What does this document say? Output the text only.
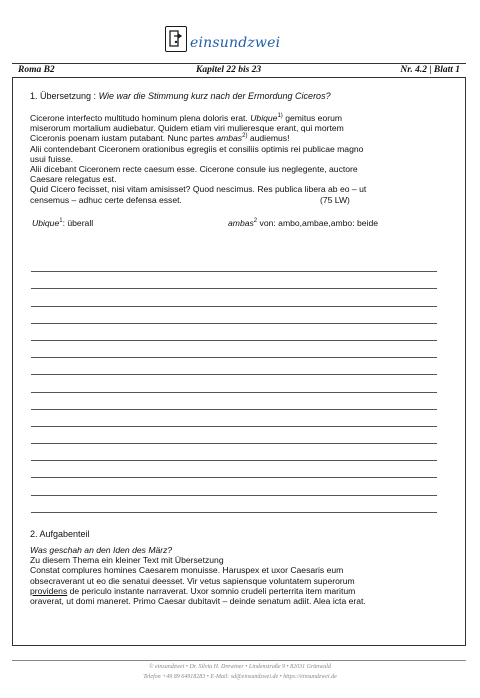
einsundzwei
Roma B2	Kapitel 22 bis 23	Nr. 4.2 | Blatt 1
1. Übersetzung : Wie war die Stimmung kurz nach der Ermordung Ciceros?

Cicerone interfecto multitudo hominum plena doloris erat. Ubique$^{1)}$ gemitus eorum

miserorum mortalium audiebatur. Quidem etiam viri mulieresque erant, qui mortem

Ciceronis poenam iustam putabant. Nunc partes ambas$^{2)}$ audiemus!

Alii contendebant Ciceronem orationibus egregiis et consiliis optimis rei publicae magno

usui fuisse.

Alii dicebant Ciceronem recte caesum esse. Cicerone consule ius neglegente, auctore

Caesare relegatus est.

Quid Cicero fecisset, nisi vitam amisisset? Quod nescimus. Res publica libera ab eo – ut

censemus – adhuc certe defensa esset.	(75 LW)

Ubique$^1$: überall	ambas$^2$ von: ambo,ambae,ambo: beide
2. Aufgabenteil

Was geschah an den Iden des März?

Zu diesem Thema ein kleiner Text mit Übersetzung

Constat complures homines Caesarem monuisse. Haruspex et uxor Caesaris eum

obsecraverant ut eo die senatui deesset. Vir vetus sapiensque voluntatem superorum

providens de periculo instante narraverat. Uxor somnio crudeli perterrita item maritum

oraverat, ut domi maneret. Primo Caesar dubitavit – deinde senatum adiit. Alea icta erat.

© einsundzwei • Dr. Silvia H. Drewtner • Lindenstraße 9 • 82031 Grünwald
Telefon +49 89 64918283 • E-Mail: sd@einsundzwei.de • https://einsundzwei.de
